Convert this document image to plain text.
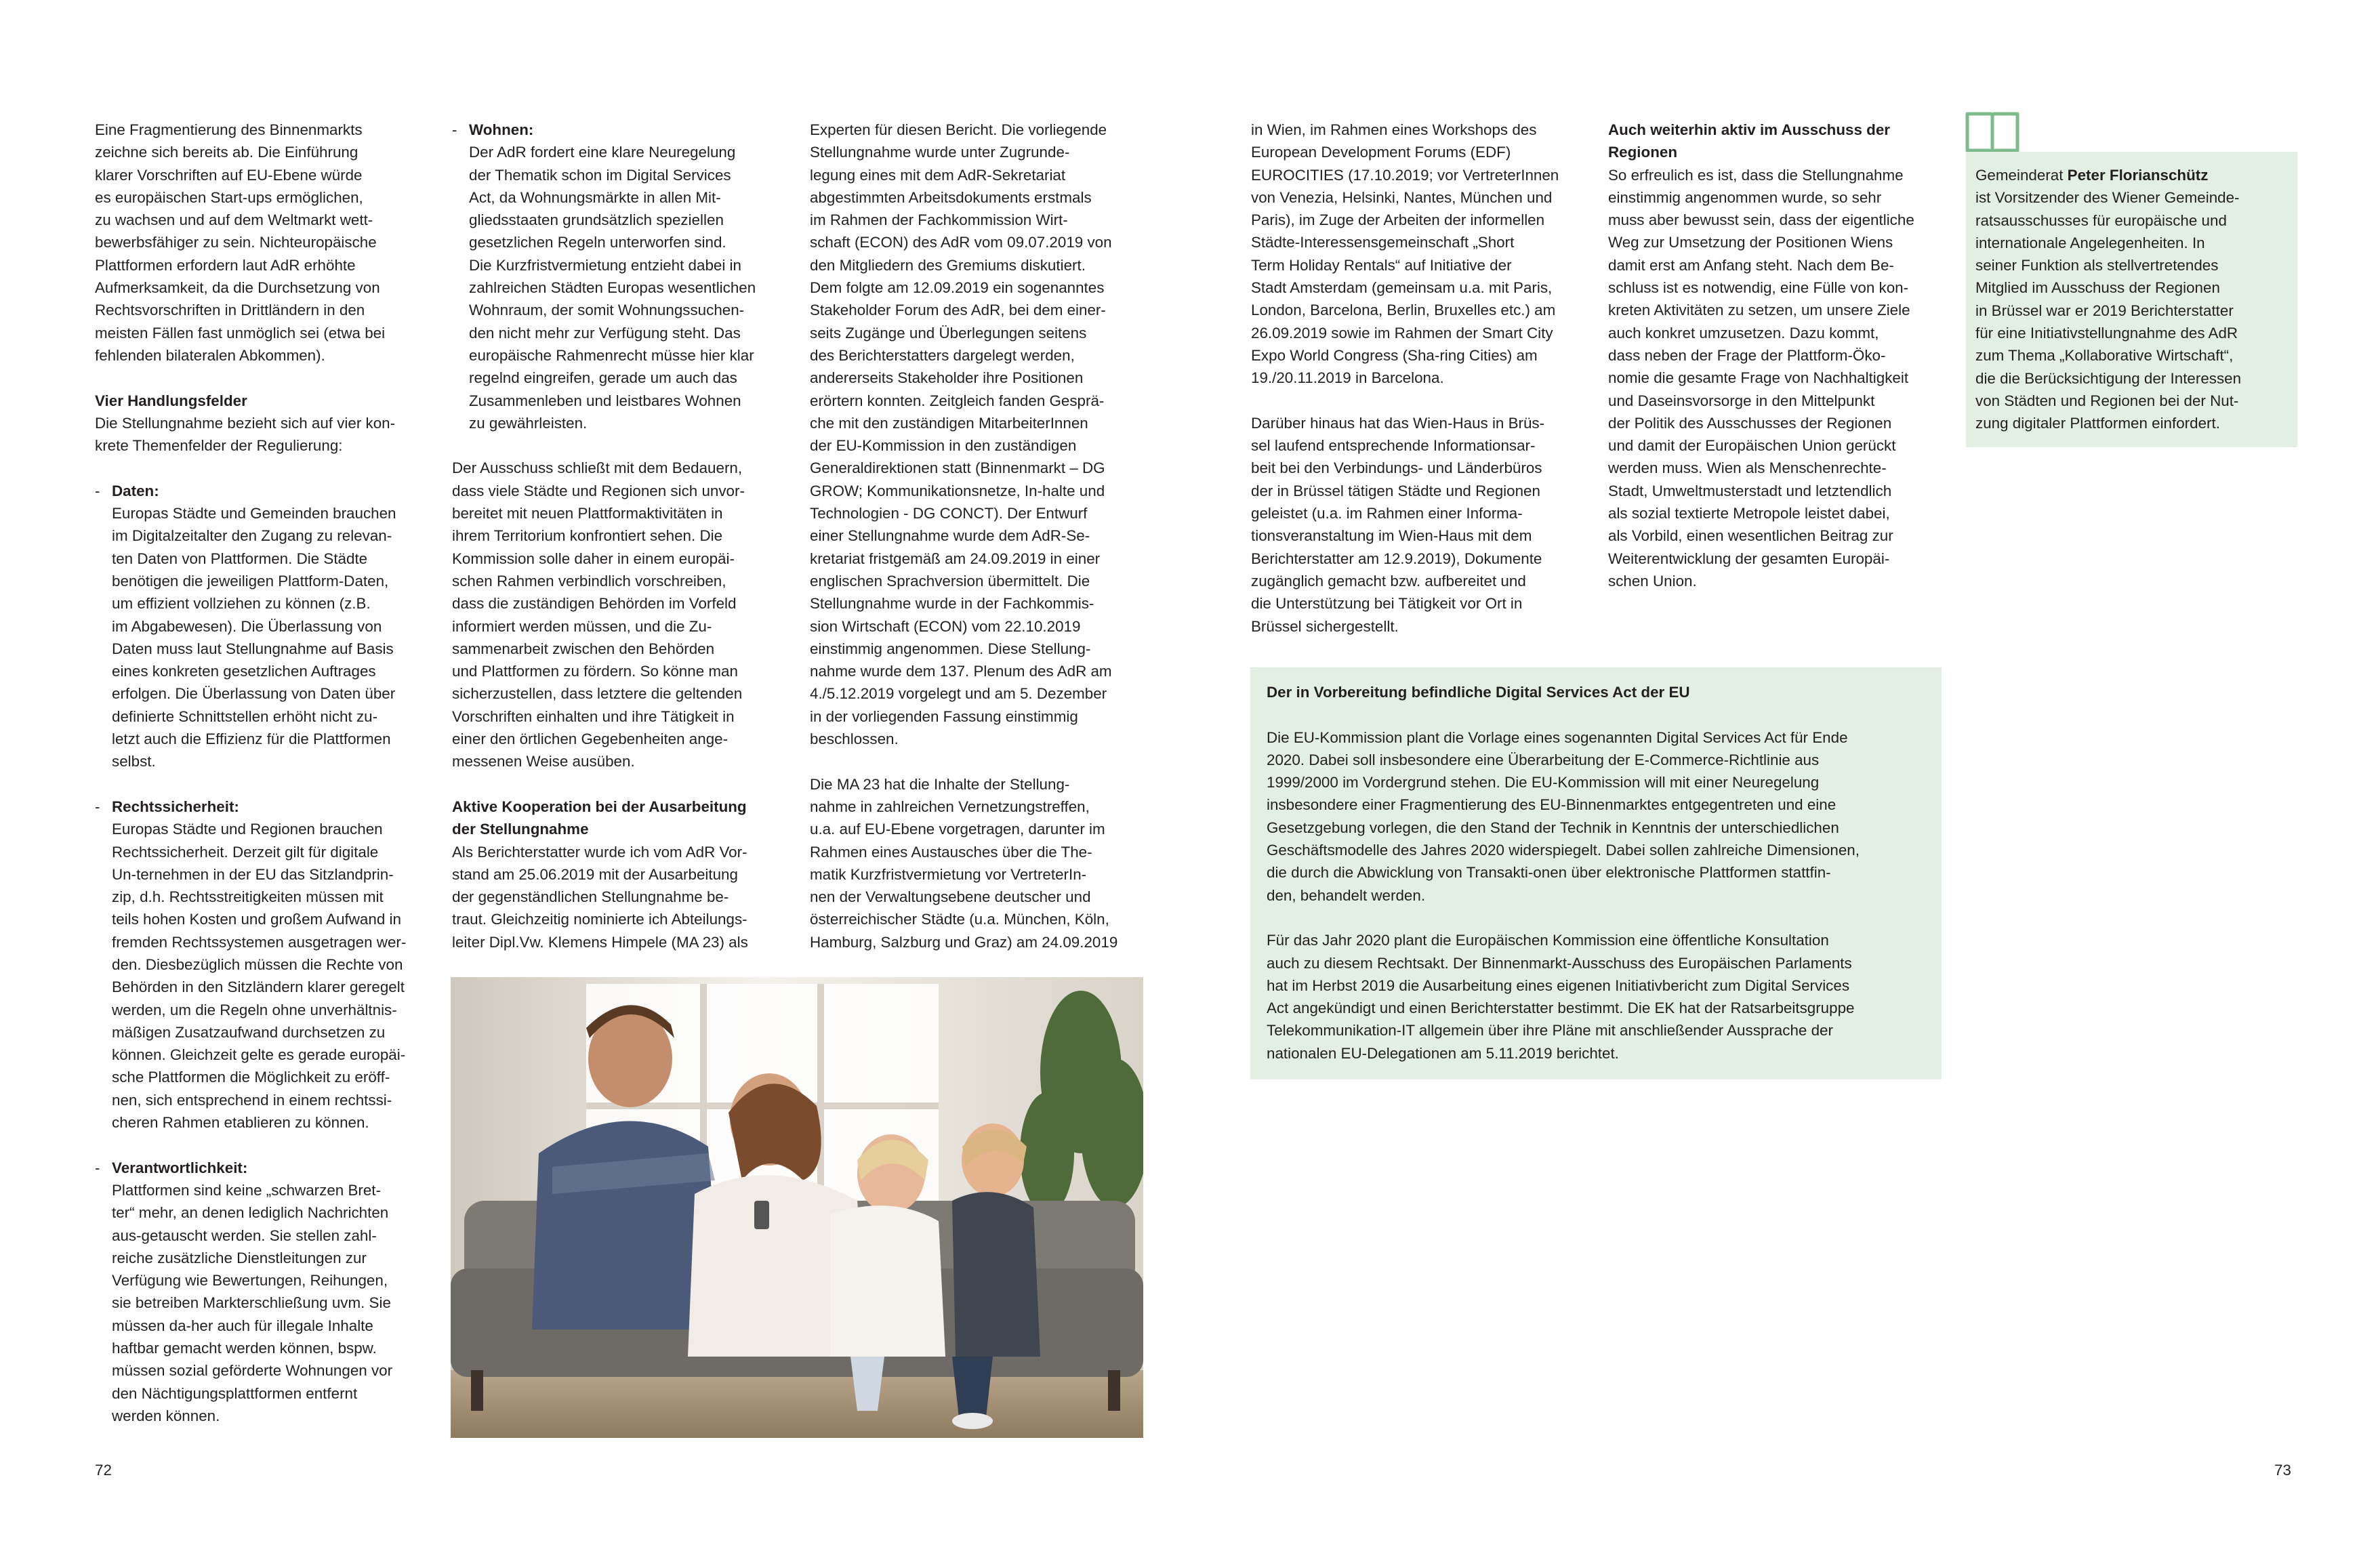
Eine Fragmentierung des Binnenmarkts

zeichne sich bereits ab. Die Einführung

klarer Vorschriften auf EU-Ebene würde

es europäischen Start-ups ermöglichen,

zu wachsen und auf dem Weltmarkt wett-

bewerbsfähiger zu sein. Nichteuropäische

Plattformen erfordern laut AdR erhöhte

Aufmerksamkeit, da die Durchsetzung von

Rechtsvorschriften in Drittländern in den

meisten Fällen fast unmöglich sei (etwa bei

fehlenden bilateralen Abkommen).

Vier Handlungsfelder

Die Stellungnahme bezieht sich auf vier kon-

krete Themenfelder der Regulierung:

- Daten:

Europas Städte und Gemeinden brauchen

im Digitalzeitalter den Zugang zu relevan-

ten Daten von Plattformen. Die Städte

benötigen die jeweiligen Plattform-Daten,

um effizient vollziehen zu können (z.B.

im Abgabewesen). Die Überlassung von

Daten muss laut Stellungnahme auf Basis

eines konkreten gesetzlichen Auftrages

erfolgen. Die Überlassung von Daten über

definierte Schnittstellen erhöht nicht zu-

letzt auch die Effizienz für die Plattformen

selbst.

- Rechtssicherheit:

Europas Städte und Regionen brauchen

Rechtssicherheit. Derzeit gilt für digitale

Un-ternehmen in der EU das Sitzlandprin-

zip, d.h. Rechtsstreitigkeiten müssen mit

teils hohen Kosten und großem Aufwand in

fremden Rechtssystemen ausgetragen wer-

den. Diesbezüglich müssen die Rechte von

Behörden in den Sitzländern klarer geregelt

werden, um die Regeln ohne unverhältnis-

mäßigen Zusatzaufwand durchsetzen zu

können. Gleichzeit gelte es gerade europäi-

sche Plattformen die Möglichkeit zu eröff-

nen, sich entsprechend in einem rechtssi-

cheren Rahmen etablieren zu können.

- Verantwortlichkeit:

Plattformen sind keine „schwarzen Bret-

ter“ mehr, an denen lediglich Nachrichten

aus-getauscht werden. Sie stellen zahl-

reiche zusätzliche Dienstleitungen zur

Verfügung wie Bewertungen, Reihungen,

sie betreiben Markterschließung uvm. Sie

müssen da-her auch für illegale Inhalte

haftbar gemacht werden können, bspw.

müssen sozial geförderte Wohnungen vor

den Nächtigungsplattformen entfernt

werden können.

- Wohnen:

Der AdR fordert eine klare Neuregelung

der Thematik schon im Digital Services

Act, da Wohnungsmärkte in allen Mit-

gliedsstaaten grundsätzlich speziellen

gesetzlichen Regeln unterworfen sind.

Die Kurzfristvermietung entzieht dabei in

zahlreichen Städten Europas wesentlichen

Wohnraum, der somit Wohnungssuchen-

den nicht mehr zur Verfügung steht. Das

europäische Rahmenrecht müsse hier klar

regelnd eingreifen, gerade um auch das

Zusammenleben und leistbares Wohnen

zu gewährleisten.

Der Ausschuss schließt mit dem Bedauern,

dass viele Städte und Regionen sich unvor-

bereitet mit neuen Plattformaktivitäten in

ihrem Territorium konfrontiert sehen. Die

Kommission solle daher in einem europäi-

schen Rahmen verbindlich vorschreiben,

dass die zuständigen Behörden im Vorfeld

informiert werden müssen, und die Zu-

sammenarbeit zwischen den Behörden

und Plattformen zu fördern. So könne man

sicherzustellen, dass letztere die geltenden

Vorschriften einhalten und ihre Tätigkeit in

einer den örtlichen Gegebenheiten ange-

messenen Weise ausüben.

Aktive Kooperation bei der Ausarbeitung

der Stellungnahme

Als Berichterstatter wurde ich vom AdR Vor-

stand am 25.06.2019 mit der Ausarbeitung

der gegenständlichen Stellungnahme be-

traut. Gleichzeitig nominierte ich Abteilungs-

leiter Dipl.Vw. Klemens Himpele (MA 23) als

Experten für diesen Bericht. Die vorliegende

Stellungnahme wurde unter Zugrunde-

legung eines mit dem AdR-Sekretariat

abgestimmten Arbeitsdokuments erstmals

im Rahmen der Fachkommission Wirt-

schaft (ECON) des AdR vom 09.07.2019 von

den Mitgliedern des Gremiums diskutiert.

Dem folgte am 12.09.2019 ein sogenanntes

Stakeholder Forum des AdR, bei dem einer-

seits Zugänge und Überlegungen seitens

des Berichterstatters dargelegt werden,

andererseits Stakeholder ihre Positionen

erörtern konnten. Zeitgleich fanden Gesprä-

che mit den zuständigen MitarbeiterInnen

der EU-Kommission in den zuständigen

Generaldirektionen statt (Binnenmarkt – DG

GROW; Kommunikationsnetze, In-halte und

Technologien - DG CONCT). Der Entwurf

einer Stellungnahme wurde dem AdR-Se-

kretariat fristgemäß am 24.09.2019 in einer

englischen Sprachversion übermittelt. Die

Stellungnahme wurde in der Fachkommis-

sion Wirtschaft (ECON) vom 22.10.2019

einstimmig angenommen. Diese Stellung-

nahme wurde dem 137. Plenum des AdR am

4./5.12.2019 vorgelegt und am 5. Dezember

in der vorliegenden Fassung einstimmig

beschlossen.

Die MA 23 hat die Inhalte der Stellung-

nahme in zahlreichen Vernetzungstreffen,

u.a. auf EU-Ebene vorgetragen, darunter im

Rahmen eines Austausches über die The-

matik Kurzfristvermietung vor VertreterIn-

nen der Verwaltungsebene deutscher und

österreichischer Städte (u.a. München, Köln,

Hamburg, Salzburg und Graz) am 24.09.2019

72

in Wien, im Rahmen eines Workshops des

European Development Forums (EDF)

EUROCITIES (17.10.2019; vor VertreterInnen

von Venezia, Helsinki, Nantes, München und

Paris), im Zuge der Arbeiten der informellen

Städte-Interessensgemeinschaft „Short

Term Holiday Rentals“ auf Initiative der

Stadt Amsterdam (gemeinsam u.a. mit Paris,

London, Barcelona, Berlin, Bruxelles etc.) am

26.09.2019 sowie im Rahmen der Smart City

Expo World Congress (Sha-ring Cities) am

19./20.11.2019 in Barcelona.

Darüber hinaus hat das Wien-Haus in Brüs-

sel laufend entsprechende Informationsar-

beit bei den Verbindungs- und Länderbüros

der in Brüssel tätigen Städte und Regionen

geleistet (u.a. im Rahmen einer Informa-

tionsveranstaltung im Wien-Haus mit dem

Berichterstatter am 12.9.2019), Dokumente

zugänglich gemacht bzw. aufbereitet und

die Unterstützung bei Tätigkeit vor Ort in

Brüssel sichergestellt.

Auch weiterhin aktiv im Ausschuss der

Regionen

So erfreulich es ist, dass die Stellungnahme

einstimmig angenommen wurde, so sehr

muss aber bewusst sein, dass der eigentliche

Weg zur Umsetzung der Positionen Wiens

damit erst am Anfang steht. Nach dem Be-

schluss ist es notwendig, eine Fülle von kon-

kreten Aktivitäten zu setzen, um unsere Ziele

auch konkret umzusetzen. Dazu kommt,

dass neben der Frage der Plattform-Öko-

nomie die gesamte Frage von Nachhaltigkeit

und Daseinsvorsorge in den Mittelpunkt

der Politik des Ausschusses der Regionen

und damit der Europäischen Union gerückt

werden muss. Wien als Menschenrechte-

Stadt, Umweltmusterstadt und letztendlich

als sozial textierte Metropole leistet dabei,

als Vorbild, einen wesentlichen Beitrag zur

Weiterentwicklung der gesamten Europäi-

schen Union.

Der in Vorbereitung befindliche Digital Services Act der EU

Die EU-Kommission plant die Vorlage eines sogenannten Digital Services Act für Ende

2020. Dabei soll insbesondere eine Überarbeitung der E-Commerce-Richtlinie aus

1999/2000 im Vordergrund stehen. Die EU-Kommission will mit einer Neuregelung

insbesondere einer Fragmentierung des EU-Binnenmarktes entgegentreten und eine

Gesetzgebung vorlegen, die den Stand der Technik in Kenntnis der unterschiedlichen

Geschäftsmodelle des Jahres 2020 widerspiegelt. Dabei sollen zahlreiche Dimensionen,

die durch die Abwicklung von Transakti-onen über elektronische Plattformen stattfin-

den, behandelt werden.

Für das Jahr 2020 plant die Europäischen Kommission eine öffentliche Konsultation

auch zu diesem Rechtsakt. Der Binnenmarkt-Ausschuss des Europäischen Parlaments

hat im Herbst 2019 die Ausarbeitung eines eigenen Initiativbericht zum Digital Services

Act angekündigt und einen Berichterstatter bestimmt. Die EK hat der Ratsarbeitsgruppe

Telekommunikation-IT allgemein über ihre Pläne mit anschließender Aussprache der

nationalen EU-Delegationen am 5.11.2019 berichtet.

Gemeinderat Peter Florianschütz

ist Vorsitzender des Wiener Gemeinde-

ratsausschusses für europäische und

internationale Angelegenheiten. In

seiner Funktion als stellvertretendes

Mitglied im Ausschuss der Regionen

in Brüssel war er 2019 Berichterstatter

für eine Initiativstellungnahme des AdR

zum Thema „Kollaborative Wirtschaft“,

die die Berücksichtigung der Interessen

von Städten und Regionen bei der Nut-

zung digitaler Plattformen einfordert.

73
